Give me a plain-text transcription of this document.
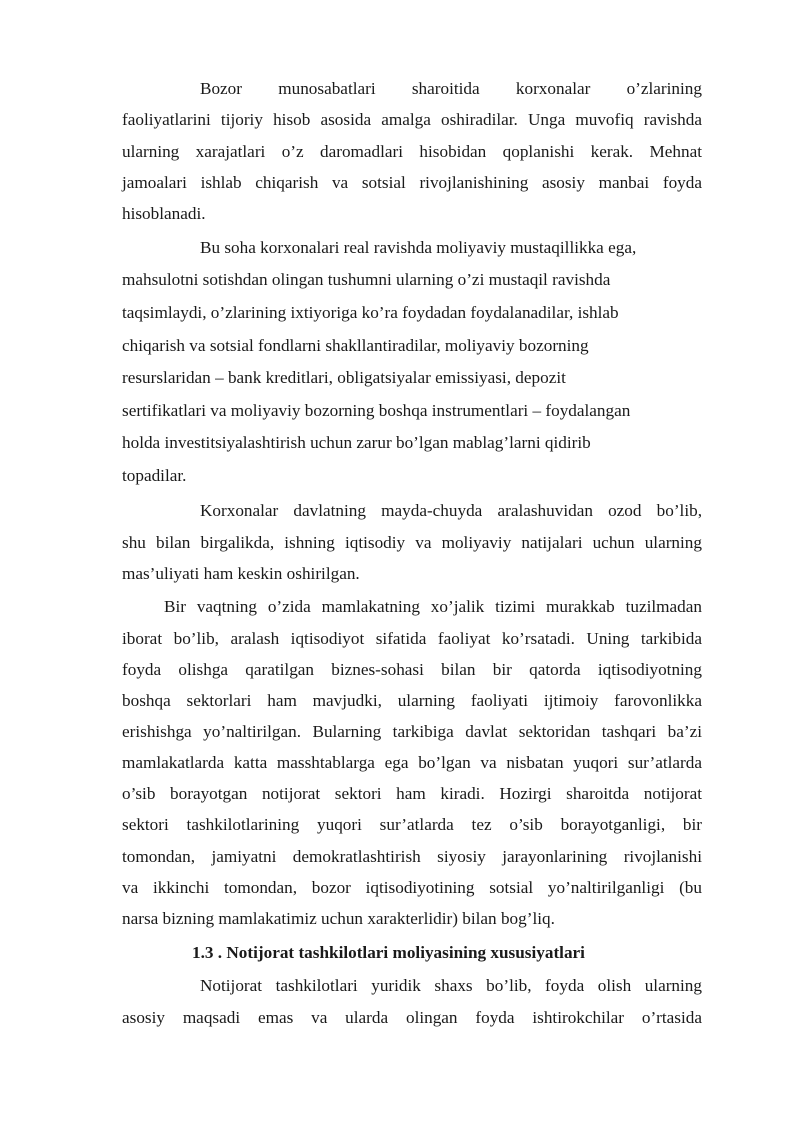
Bozor munosabatlari sharoitida korxonalar o’zlarining
faoliyatlarini tijoriy hisob asosida amalga oshiradilar. Unga muvofiq ravishda
ularning xarajatlari o’z daromadlari hisobidan qoplanishi kerak. Mehnat
jamoalari ishlab chiqarish va sotsial rivojlanishining asosiy manbai foyda
hisoblanadi.
Bu soha korxonalari real ravishda moliyaviy mustaqillikka ega,
mahsulotni sotishdan olingan tushumni ularning o’zi mustaqil ravishda
taqsimlaydi, o’zlarining ixtiyoriga ko’ra foydadan foydalanadilar, ishlab
chiqarish va sotsial fondlarni shakllantiradilar, moliyaviy bozorning
resurslaridan – bank kreditlari, obligatsiyalar emissiyasi, depozit
sertifikatlari va moliyaviy bozorning boshqa instrumentlari – foydalangan
holda investitsiyalashtirish uchun zarur bo’lgan mablag’larni qidirib
topadilar.
Korxonalar davlatning mayda-chuyda aralashuvidan ozod bo’lib,
shu bilan birgalikda, ishning iqtisodiy va moliyaviy natijalari uchun ularning
mas’uliyati ham keskin oshirilgan.
Bir vaqtning o’zida mamlakatning xo’jalik tizimi murakkab tuzilmadan
iborat bo’lib, aralash iqtisodiyot sifatida faoliyat ko’rsatadi. Uning tarkibida
foyda olishga qaratilgan biznes-sohasi bilan bir qatorda iqtisodiyotning
boshqa sektorlari ham mavjudki, ularning faoliyati ijtimoiy farovonlikka
erishishga yo’naltirilgan. Bularning tarkibiga davlat sektoridan tashqari ba’zi
mamlakatlarda katta masshtablarga ega bo’lgan va nisbatan yuqori sur’atlarda
o’sib borayotgan notijorat sektori ham kiradi. Hozirgi sharoitda notijorat
sektori tashkilotlarining yuqori sur’atlarda tez o’sib borayotganligi, bir
tomondan, jamiyatni demokratlashtirish siyosiy jarayonlarining rivojlanishi
va ikkinchi tomondan, bozor iqtisodiyotining sotsial yo’naltirilganligi (bu
narsa bizning mamlakatimiz uchun xarakterlidir) bilan bog’liq.
1.3 . Notijorat tashkilotlari moliyasining xususiyatlari
Notijorat tashkilotlari yuridik shaxs bo’lib, foyda olish ularning
asosiy maqsadi emas va ularda olingan foyda ishtirokchilar o’rtasida
